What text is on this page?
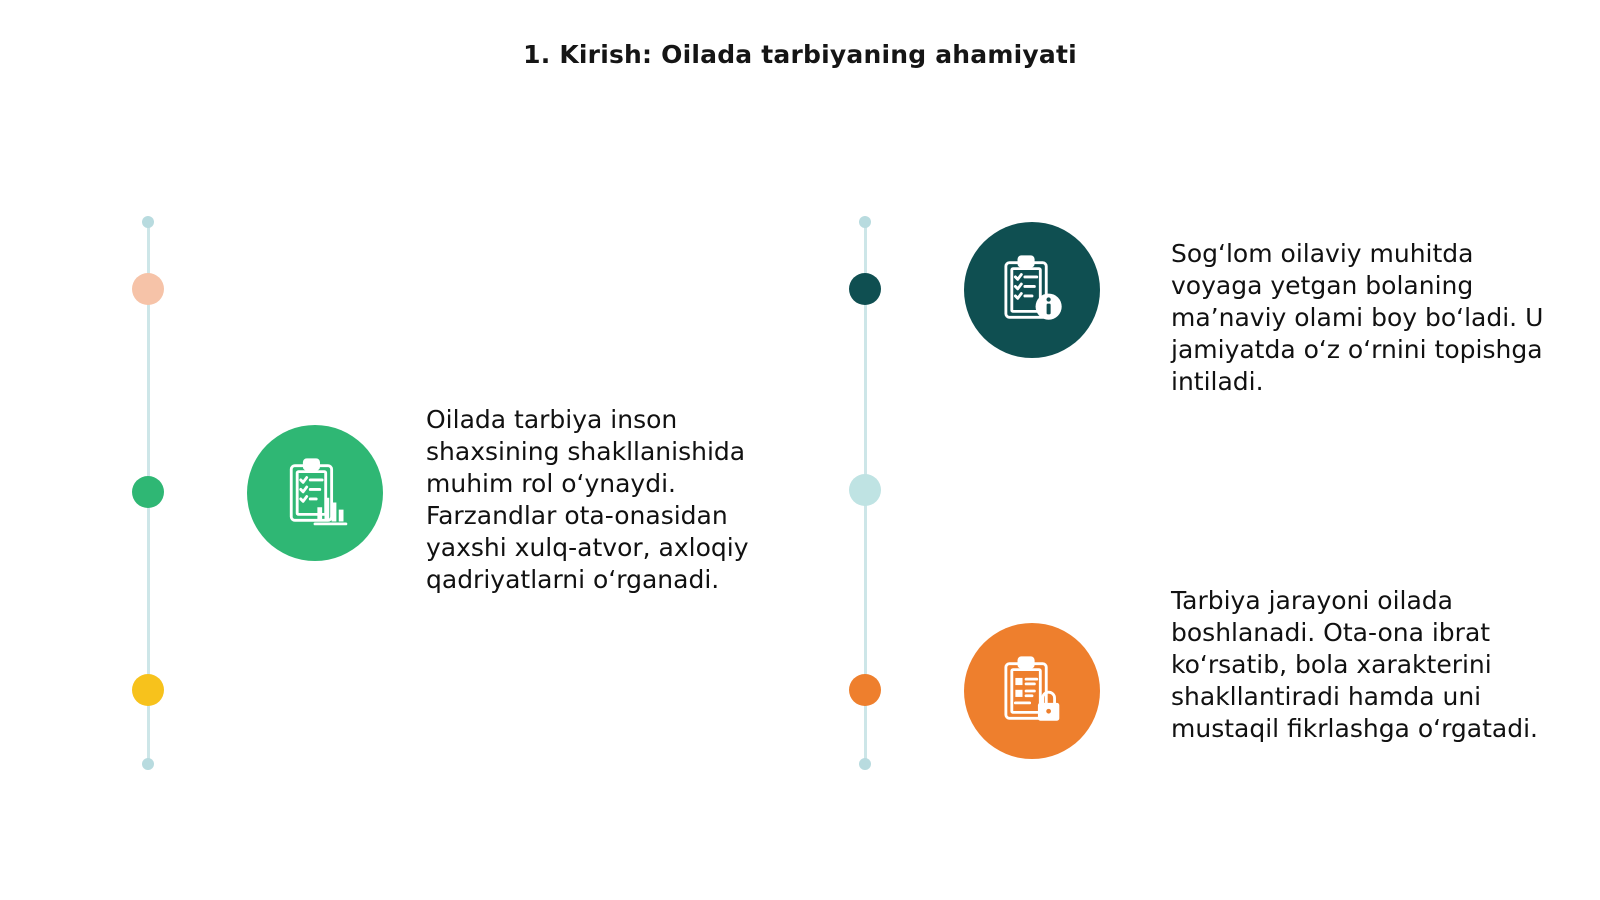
1. Kirish: Oilada tarbiyaning ahamiyati
Oilada tarbiya inson shaxsining shakllanishida muhim rol o‘ynaydi. Farzandlar ota-onasidan yaxshi xulq-atvor, axloqiy qadriyatlarni o‘rganadi.
Sog‘lom oilaviy muhitda voyaga yetgan bolaning ma’naviy olami boy bo‘ladi. U jamiyatda o‘z o‘rnini topishga intiladi.
Tarbiya jarayoni oilada boshlanadi. Ota-ona ibrat ko‘rsatib, bola xarakterini shakllantiradi hamda uni mustaqil fikrlashga o‘rgatadi.
